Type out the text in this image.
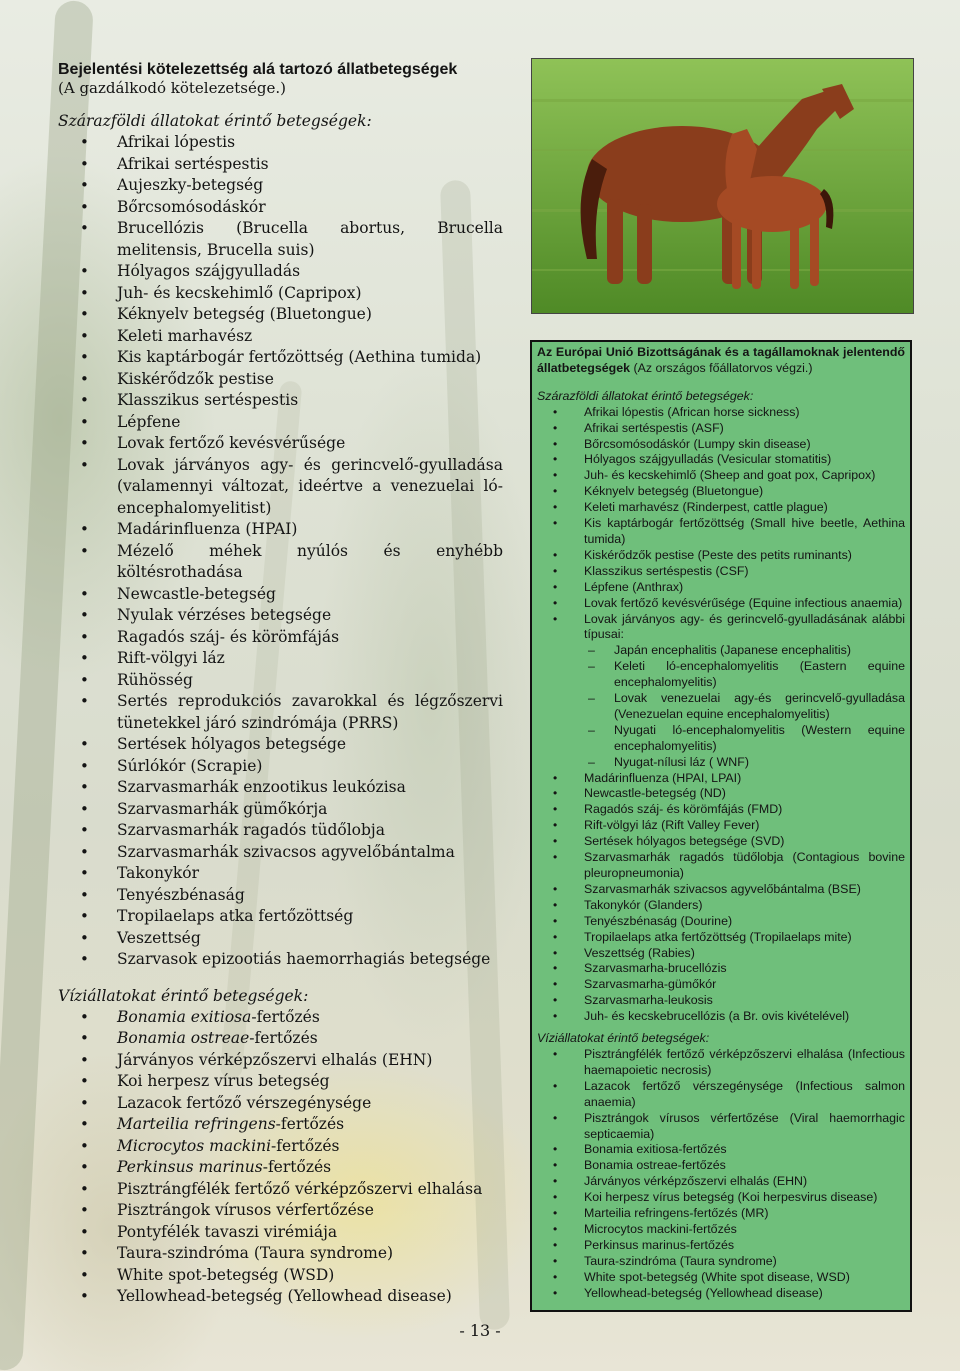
Bejelentési kötelezettség alá tartozó állatbetegségek

(A gazdálkodó kötelezetsége.)

Szárazföldi állatokat érintő betegségek:

• Afrikai lópestis
• Afrikai sertéspestis
• Aujeszky-betegség
• Bőrcsomósodáskór
• Brucellózis (Brucella abortus, Brucella melitensis, Brucella suis)
• Hólyagos szájgyulladás
• Juh- és kecskehimlő (Capripox)
• Kéknyelv betegség (Bluetongue)
• Keleti marhavész
• Kis kaptárbogár fertőzöttség (Aethina tumida)
• Kiskérődzők pestise
• Klasszikus sertéspestis
• Lépfene
• Lovak fertőző kevésvérűsége
• Lovak járványos agy- és gerincvelő-gyulladása (valamennyi változat, ideértve a venezuelai ló-encephalomyelitist)
• Madárinfluenza (HPAI)
• Mézelő méhek nyúlós és enyhébb költésrothadása
• Newcastle-betegség
• Nyulak vérzéses betegsége
• Ragadós száj- és körömfájás
• Rift-völgyi láz
• Rühösség
• Sertés reprodukciós zavarokkal és légzőszervi tünetekkel járó szindrómája (PRRS)
• Sertések hólyagos betegsége
• Súrlókór (Scrapie)
• Szarvasmarhák enzootikus leukózisa
• Szarvasmarhák gümőkórja
• Szarvasmarhák ragadós tüdőlobja
• Szarvasmarhák szivacsos agyvelőbántalma
• Takonykór
• Tenyészbénaság
• Tropilaelaps atka fertőzöttség
• Veszettség
• Szarvasok epizootiás haemorrhagiás betegsége

Víziállatokat érintő betegségek:

• Bonamia exitiosa-fertőzés
• Bonamia ostreae-fertőzés
• Járványos vérképzőszervi elhalás (EHN)
• Koi herpesz vírus betegség
• Lazacok fertőző vérszegénysége
• Marteilia refringens-fertőzés
• Microcytos mackini-fertőzés
• Perkinsus marinus-fertőzés
• Pisztrángfélék fertőző vérképzőszervi elhalása
• Pisztrángok vírusos vérfertőzése
• Pontyfélék tavaszi virémiája
• Taura-szindróma (Taura syndrome)
• White spot-betegség (WSD)
• Yellowhead-betegség (Yellowhead disease)

Az Európai Unió Bizottságának és a tagállamoknak jelentendő állatbetegségek (Az országos főállatorvos végzi.)

Szárazföldi állatokat érintő betegségek:

• Afrikai lópestis (African horse sickness)
• Afrikai sertéspestis (ASF)
• Bőrcsomósodáskór (Lumpy skin disease)
• Hólyagos szájgyulladás (Vesicular stomatitis)
• Juh- és kecskehimlő (Sheep and goat pox, Capripox)
• Kéknyelv betegség (Bluetongue)
• Keleti marhavész (Rinderpest, cattle plague)
• Kis kaptárbogár fertőzöttség (Small hive beetle, Aethina tumida)
• Kiskérődzők pestise (Peste des petits ruminants)
• Klasszikus sertéspestis (CSF)
• Lépfene (Anthrax)
• Lovak fertőző kevésvérűsége (Equine infectious anaemia)
• Lovak járványos agy- és gerincvelő-gyulladásának alábbi típusai:
– Japán encephalitis (Japanese encephalitis)
– Keleti ló-encephalomyelitis (Eastern equine encephalomyelitis)
– Lovak venezuelai agy-és gerincvelő-gyulladása (Venezuelan equine encephalomyelitis)
– Nyugati ló-encephalomyelitis (Western equine encephalomyelitis)
– Nyugat-nílusi láz ( WNF)
• Madárinfluenza (HPAI, LPAI)
• Newcastle-betegség (ND)
• Ragadós száj- és körömfájás (FMD)
• Rift-völgyi láz (Rift Valley Fever)
• Sertések hólyagos betegsége (SVD)
• Szarvasmarhák ragadós tüdőlobja (Contagious bovine pleuropneumonia)
• Szarvasmarhák szivacsos agyvelőbántalma (BSE)
• Takonykór (Glanders)
• Tenyészbénaság (Dourine)
• Tropilaelaps atka fertőzöttség (Tropilaelaps mite)
• Veszettség (Rabies)
• Szarvasmarha-brucellózis
• Szarvasmarha-gümőkór
• Szarvasmarha-leukosis
• Juh- és kecskebrucellózis (a Br. ovis kivételével)

Víziállatokat érintő betegségek:

• Pisztrángfélék fertőző vérképzőszervi elhalása (Infectious haemapoietic necrosis)
• Lazacok fertőző vérszegénysége (Infectious salmon anaemia)
• Pisztrángok vírusos vérfertőzése (Viral haemorrhagic septicaemia)
• Bonamia exitiosa-fertőzés
• Bonamia ostreae-fertőzés
• Járványos vérképzőszervi elhalás (EHN)
• Koi herpesz vírus betegség (Koi herpesvirus disease)
• Marteilia refringens-fertőzés (MR)
• Microcytos mackini-fertőzés
• Perkinsus marinus-fertőzés
• Taura-szindróma (Taura syndrome)
• White spot-betegség (White spot disease, WSD)
• Yellowhead-betegség (Yellowhead disease)
- 13 -
